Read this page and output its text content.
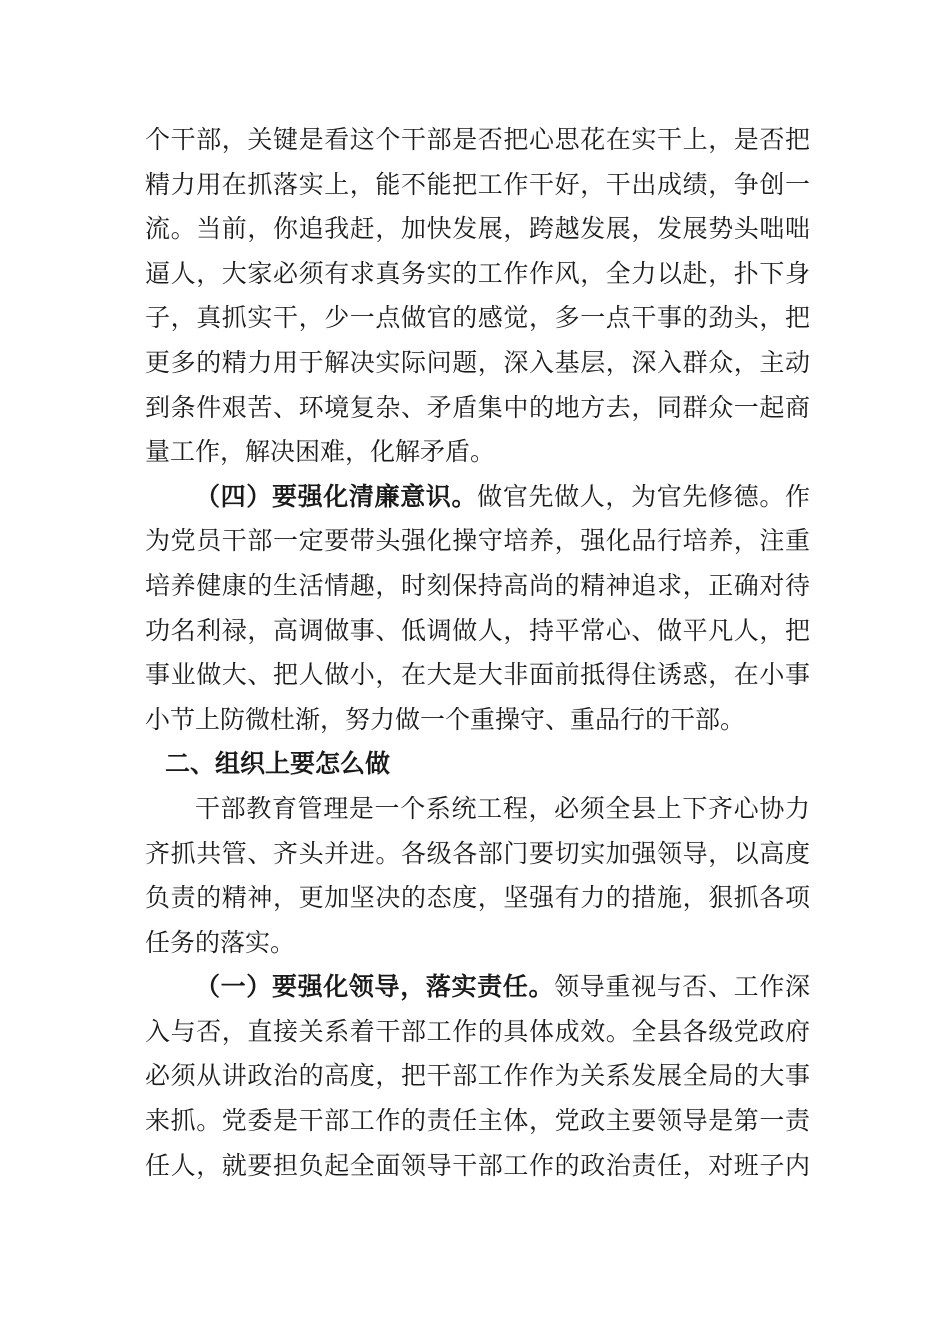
个干部，关键是看这个干部是否把心思花在实干上，是否把
精力用在抓落实上，能不能把工作干好，干出成绩，争创一
流。当前，你追我赶，加快发展，跨越发展，发展势头咄咄
逼人，大家必须有求真务实的工作作风，全力以赴，扑下身
子，真抓实干，少一点做官的感觉，多一点干事的劲头，把
更多的精力用于解决实际问题，深入基层，深入群众，主动
到条件艰苦、环境复杂、矛盾集中的地方去，同群众一起商
量工作，解决困难，化解矛盾。
（四）要强化清廉意识。做官先做人，为官先修德。作
为党员干部一定要带头强化操守培养，强化品行培养，注重
培养健康的生活情趣，时刻保持高尚的精神追求，正确对待
功名利禄，高调做事、低调做人，持平常心、做平凡人，把
事业做大、把人做小，在大是大非面前抵得住诱惑，在小事
小节上防微杜渐，努力做一个重操守、重品行的干部。
二、组织上要怎么做
干部教育管理是一个系统工程，必须全县上下齐心协力
齐抓共管、齐头并进。各级各部门要切实加强领导，以高度
负责的精神，更加坚决的态度，坚强有力的措施，狠抓各项
任务的落实。
（一）要强化领导，落实责任。领导重视与否、工作深
入与否，直接关系着干部工作的具体成效。全县各级党政府
必须从讲政治的高度，把干部工作作为关系发展全局的大事
来抓。党委是干部工作的责任主体，党政主要领导是第一责
任人，就要担负起全面领导干部工作的政治责任，对班子内
